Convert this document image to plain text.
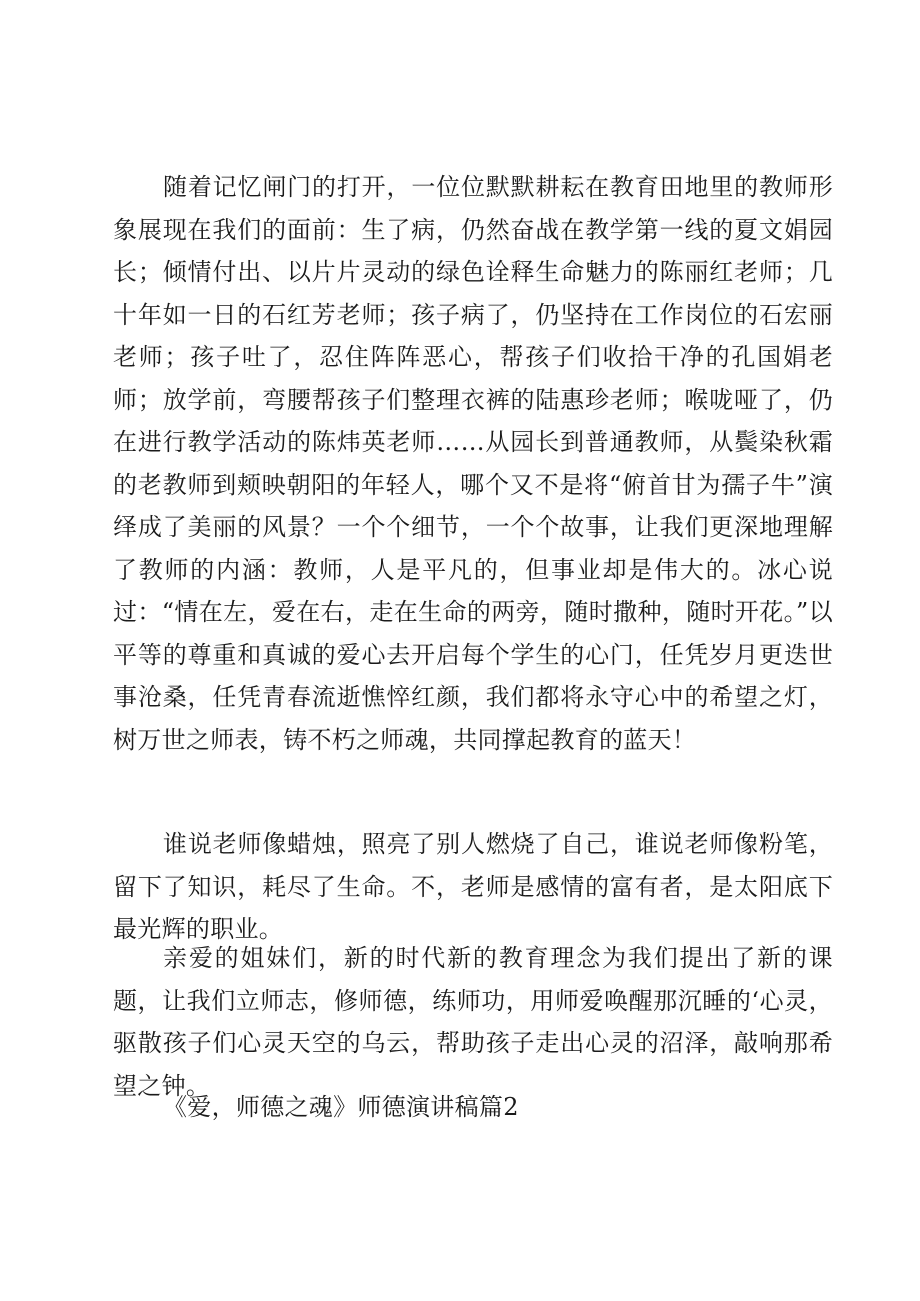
随着记忆闸门的打开，一位位默默耕耘在教育田地里的教师形象展现在我们的面前：生了病，仍然奋战在教学第一线的夏文娟园长；倾情付出、以片片灵动的绿色诠释生命魅力的陈丽红老师；几十年如一日的石红芳老师；孩子病了，仍坚持在工作岗位的石宏丽老师；孩子吐了，忍住阵阵恶心，帮孩子们收拾干净的孔国娟老师；放学前，弯腰帮孩子们整理衣裤的陆惠珍老师；喉咙哑了，仍在进行教学活动的陈炜英老师……从园长到普通教师，从鬓染秋霜的老教师到颊映朝阳的年轻人，哪个又不是将“俯首甘为孺子牛”演绎成了美丽的风景？一个个细节，一个个故事，让我们更深地理解了教师的内涵：教师，人是平凡的，但事业却是伟大的。冰心说过：“情在左，爱在右，走在生命的两旁，随时撒种，随时开花。”以平等的尊重和真诚的爱心去开启每个学生的心门，任凭岁月更迭世事沧桑，任凭青春流逝憔悴红颜，我们都将永守心中的希望之灯，树万世之师表，铸不朽之师魂，共同撑起教育的蓝天！

谁说老师像蜡烛，照亮了别人燃烧了自己，谁说老师像粉笔，留下了知识，耗尽了生命。不，老师是感情的富有者，是太阳底下最光辉的职业。

亲爱的姐妹们，新的时代新的教育理念为我们提出了新的课题，让我们立师志，修师德，练师功，用师爱唤醒那沉睡的‘心灵，驱散孩子们心灵天空的乌云，帮助孩子走出心灵的沼泽，敲响那希望之钟。

《爱，师德之魂》师德演讲稿篇2
